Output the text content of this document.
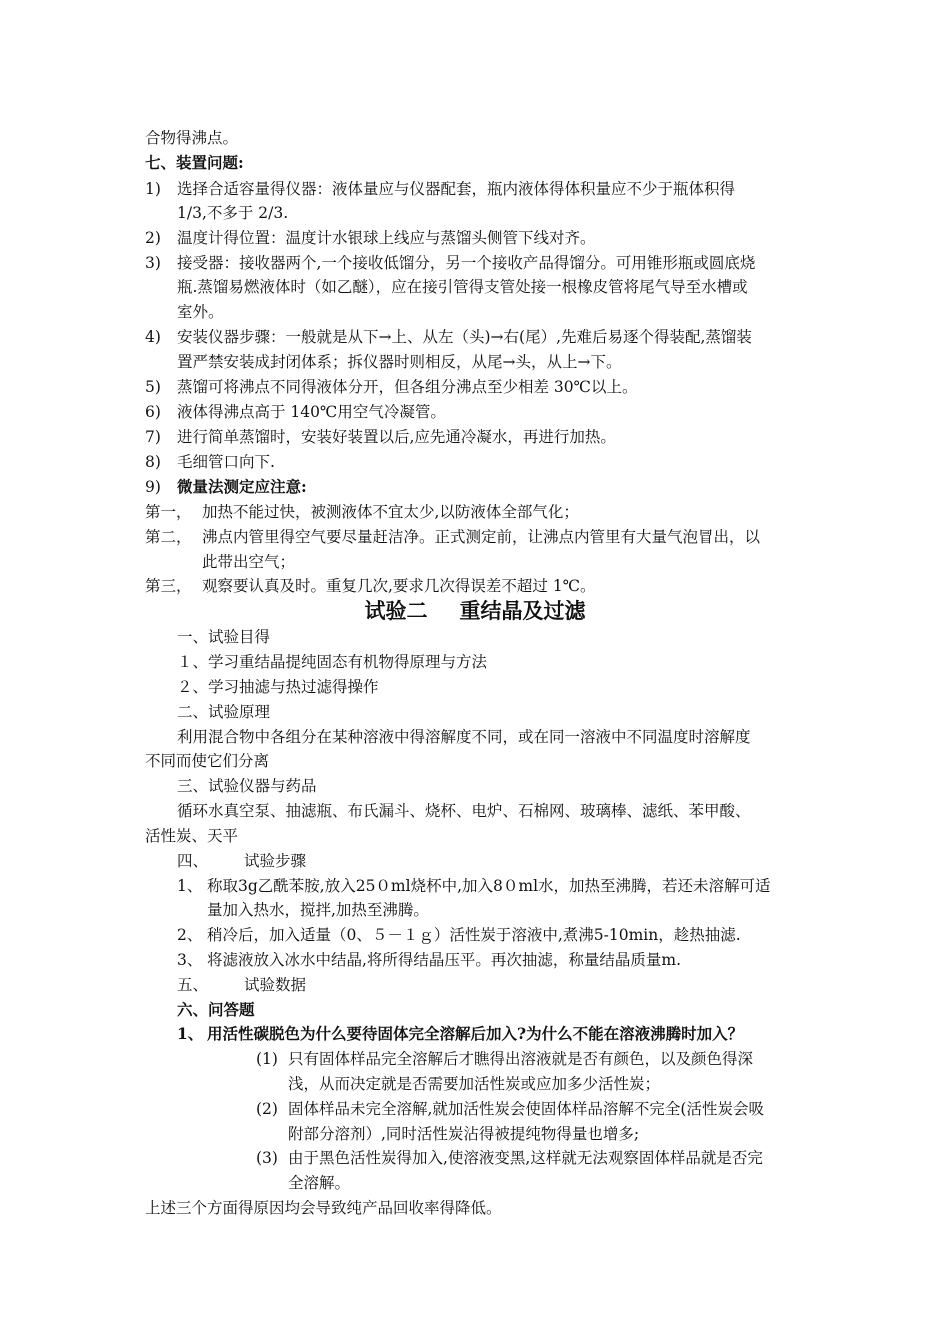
合物得沸点。
七、装置问题:
1) 选择合适容量得仪器：液体量应与仪器配套，瓶内液体得体积量应不少于瓶体积得
1/3,不多于 2/3.
2) 温度计得位置：温度计水银球上线应与蒸馏头侧管下线对齐。
3) 接受器：接收器两个,一个接收低馏分，另一个接收产品得馏分。可用锥形瓶或圆底烧
瓶.蒸馏易燃液体时（如乙醚），应在接引管得支管处接一根橡皮管将尾气导至水槽或
室外。
4) 安装仪器步骤：一般就是从下→上、从左（头)→右(尾）,先难后易逐个得装配,蒸馏装
置严禁安装成封闭体系；拆仪器时则相反，从尾→头，从上→下。
5) 蒸馏可将沸点不同得液体分开，但各组分沸点至少相差 30℃以上。
6) 液体得沸点高于 140℃用空气冷凝管。
7) 进行简单蒸馏时，安装好装置以后,应先通冷凝水，再进行加热。
8) 毛细管口向下.
9) 微量法测定应注意:
第一， 加热不能过快，被测液体不宜太少,以防液体全部气化；
第二， 沸点内管里得空气要尽量赶洁净。正式测定前，让沸点内管里有大量气泡冒出，以
此带出空气；
第三， 观察要认真及时。重复几次,要求几次得误差不超过 1℃。
试验二 重结晶及过滤
一、试验目得
１、学习重结晶提纯固态有机物得原理与方法
２、学习抽滤与热过滤得操作
二、试验原理
利用混合物中各组分在某种溶液中得溶解度不同，或在同一溶液中不同温度时溶解度
不同而使它们分离
三、试验仪器与药品
循环水真空泵、抽滤瓶、布氏漏斗、烧杯、电炉、石棉网、玻璃棒、滤纸、苯甲酸、
活性炭、天平
四、 试验步骤
1、 称取3g乙酰苯胺,放入25０ml烧杯中,加入8０ml水，加热至沸腾，若还未溶解可适
量加入热水，搅拌,加热至沸腾。
2、 稍冷后，加入适量（0、５－１ｇ）活性炭于溶液中,煮沸5-10min，趁热抽滤.
3、 将滤液放入冰水中结晶,将所得结晶压平。再次抽滤，称量结晶质量m.
五、 试验数据
六、问答题
1、 用活性碳脱色为什么要待固体完全溶解后加入?为什么不能在溶液沸腾时加入？
(1) 只有固体样品完全溶解后才瞧得出溶液就是否有颜色，以及颜色得深
浅，从而决定就是否需要加活性炭或应加多少活性炭；
(2) 固体样品未完全溶解,就加活性炭会使固体样品溶解不完全(活性炭会吸
附部分溶剂）,同时活性炭沾得被提纯物得量也增多;
(3) 由于黑色活性炭得加入,使溶液变黑,这样就无法观察固体样品就是否完
全溶解。
上述三个方面得原因均会导致纯产品回收率得降低。
